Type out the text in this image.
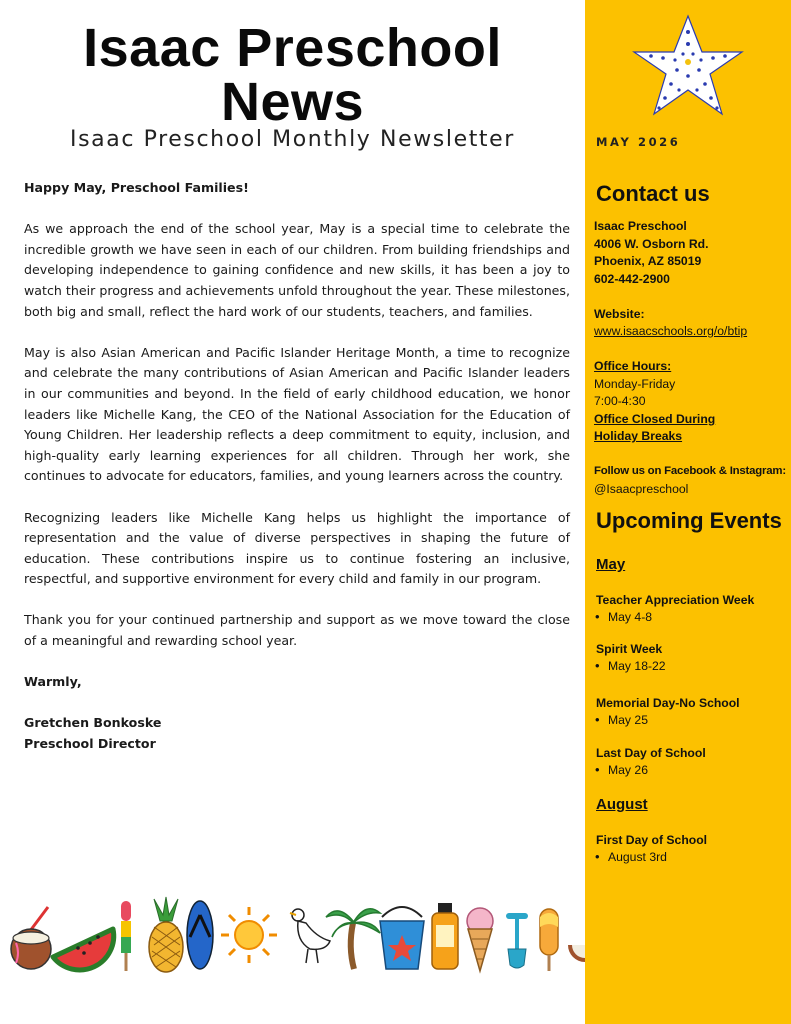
Isaac Preschool
News
Isaac Preschool Monthly Newsletter

Happy May, Preschool Families!

As we approach the end of the school year, May is a special time to celebrate the incredible growth we have seen in each of our children. From building friendships and developing independence to gaining confidence and new skills, it has been a joy to watch their progress and achievements unfold throughout the year. These milestones, both big and small, reflect the hard work of our students, teachers, and families.

May is also Asian American and Pacific Islander Heritage Month, a time to recognize and celebrate the many contributions of Asian American and Pacific Islander leaders in our communities and beyond. In the field of early childhood education, we honor leaders like Michelle Kang, the CEO of the National Association for the Education of Young Children. Her leadership reflects a deep commitment to equity, inclusion, and high-quality early learning experiences for all children. Through her work, she continues to advocate for educators, families, and young learners across the country.

Recognizing leaders like Michelle Kang helps us highlight the importance of representation and the value of diverse perspectives in shaping the future of education. These contributions inspire us to continue fostering an inclusive, respectful, and supportive environment for every child and family in our program.

Thank you for your continued partnership and support as we move toward the close of a meaningful and rewarding school year.

Warmly,

Gretchen Bonkoske

Preschool Director

MAY 2026
Contact us
Isaac Preschool
4006 W. Osborn Rd.
Phoenix, AZ 85019
602-442-2900
Website:
www.isaacschools.org/o/btip
Office Hours:
Monday-Friday
7:00-4:30
Office Closed During
Holiday Breaks
Follow us on Facebook & Instagram:
@Isaacpreschool
Upcoming Events
May
Teacher Appreciation Week
• May 4-8
Spirit Week
• May 18-22
Memorial Day-No School
• May 25
Last Day of School
• May 26
August
First Day of School
• August 3rd
